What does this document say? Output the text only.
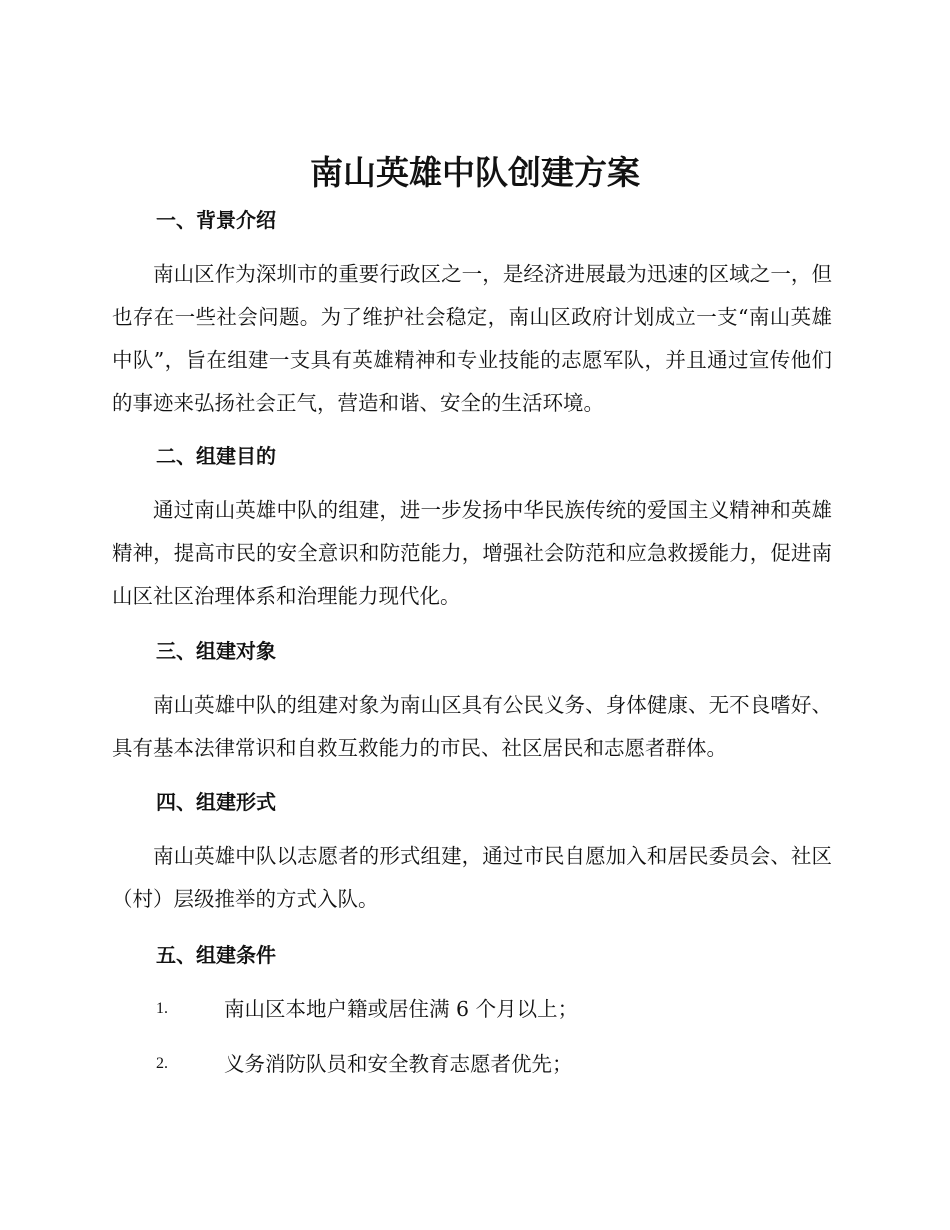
南山英雄中队创建方案
一、背景介绍

南山区作为深圳市的重要行政区之一，是经济进展最为迅速的区域之一，但也存在一些社会问题。为了维护社会稳定，南山区政府计划成立一支“南山英雄中队”，旨在组建一支具有英雄精神和专业技能的志愿军队，并且通过宣传他们的事迹来弘扬社会正气，营造和谐、安全的生活环境。

二、组建目的

通过南山英雄中队的组建，进一步发扬中华民族传统的爱国主义精神和英雄精神，提高市民的安全意识和防范能力，增强社会防范和应急救援能力，促进南山区社区治理体系和治理能力现代化。

三、组建对象

南山英雄中队的组建对象为南山区具有公民义务、身体健康、无不良嗜好、具有基本法律常识和自救互救能力的市民、社区居民和志愿者群体。

四、组建形式

南山英雄中队以志愿者的形式组建，通过市民自愿加入和居民委员会、社区（村）层级推举的方式入队。

五、组建条件
1.	南山区本地户籍或居住满 6 个月以上；
2.	义务消防队员和安全教育志愿者优先；
